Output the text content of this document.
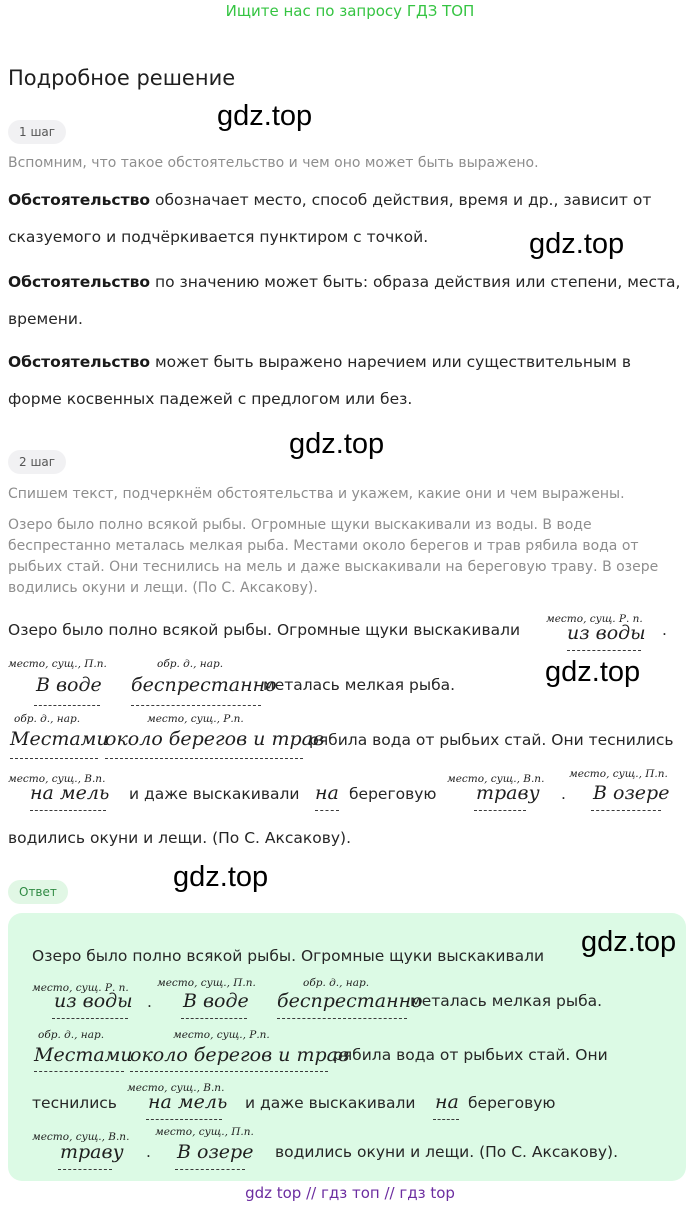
Ищите нас по запросу ГДЗ ТОП
Подробное решение
gdz.top
gdz.top
gdz.top
gdz.top
gdz.top
1 шаг
Вспомним, что такое обстоятельство и чем оно может быть выражено.
Обстоятельство обозначает место, способ действия, время и др., зависит от сказуемого и подчёркивается пунктиром с точкой.
Обстоятельство по значению может быть: образа действия или степени, места, времени.
Обстоятельство может быть выражено наречием или существительным в форме косвенных падежей с предлогом или без.
2 шаг
Спишем текст, подчеркнём обстоятельства и укажем, какие они и чем выражены.
Озеро было полно всякой рыбы. Огромные щуки выскакивали из воды. В воде беспрестанно металась мелкая рыба. Местами около берегов и трав рябила вода от рыбьих стай. Они теснились на мель и даже выскакивали на береговую траву. В озере водились окуни и лещи. (По С. Аксакову).
Озеро было полно всякой рыбы. Огромные щуки выскакивали
место, сущ. Р. п.
из воды .
место, сущ., П.п.
В воде
обр. д., нар.
беспрестанно
металась мелкая рыба.
обр. д., нар.
Местами
место, сущ., Р.п.
около берегов и трав
рябила вода от рыбьих стай. Они теснились
место, сущ., В.п.
на мель и даже выскакивали на береговую
место, сущ., В.п.
траву .
место, сущ., П.п.
В озере
водились окуни и лещи. (По С. Аксакову).
Ответ
gdz.top
Озеро было полно всякой рыбы. Огромные щуки выскакивали
место, сущ. Р. п.
из воды .
место, сущ., П.п.
В воде
обр. д., нар.
беспрестанно
металась мелкая рыба.
обр. д., нар.
Местами
место, сущ., Р.п.
около берегов и трав
рябила вода от рыбьих стай. Они
теснились
место, сущ., В.п.
на мель и даже выскакивали на береговую
место, сущ., В.п.
траву .
место, сущ., П.п.
В озере водились окуни и лещи. (По С. Аксакову).
gdz top // гдз топ // гдз top
